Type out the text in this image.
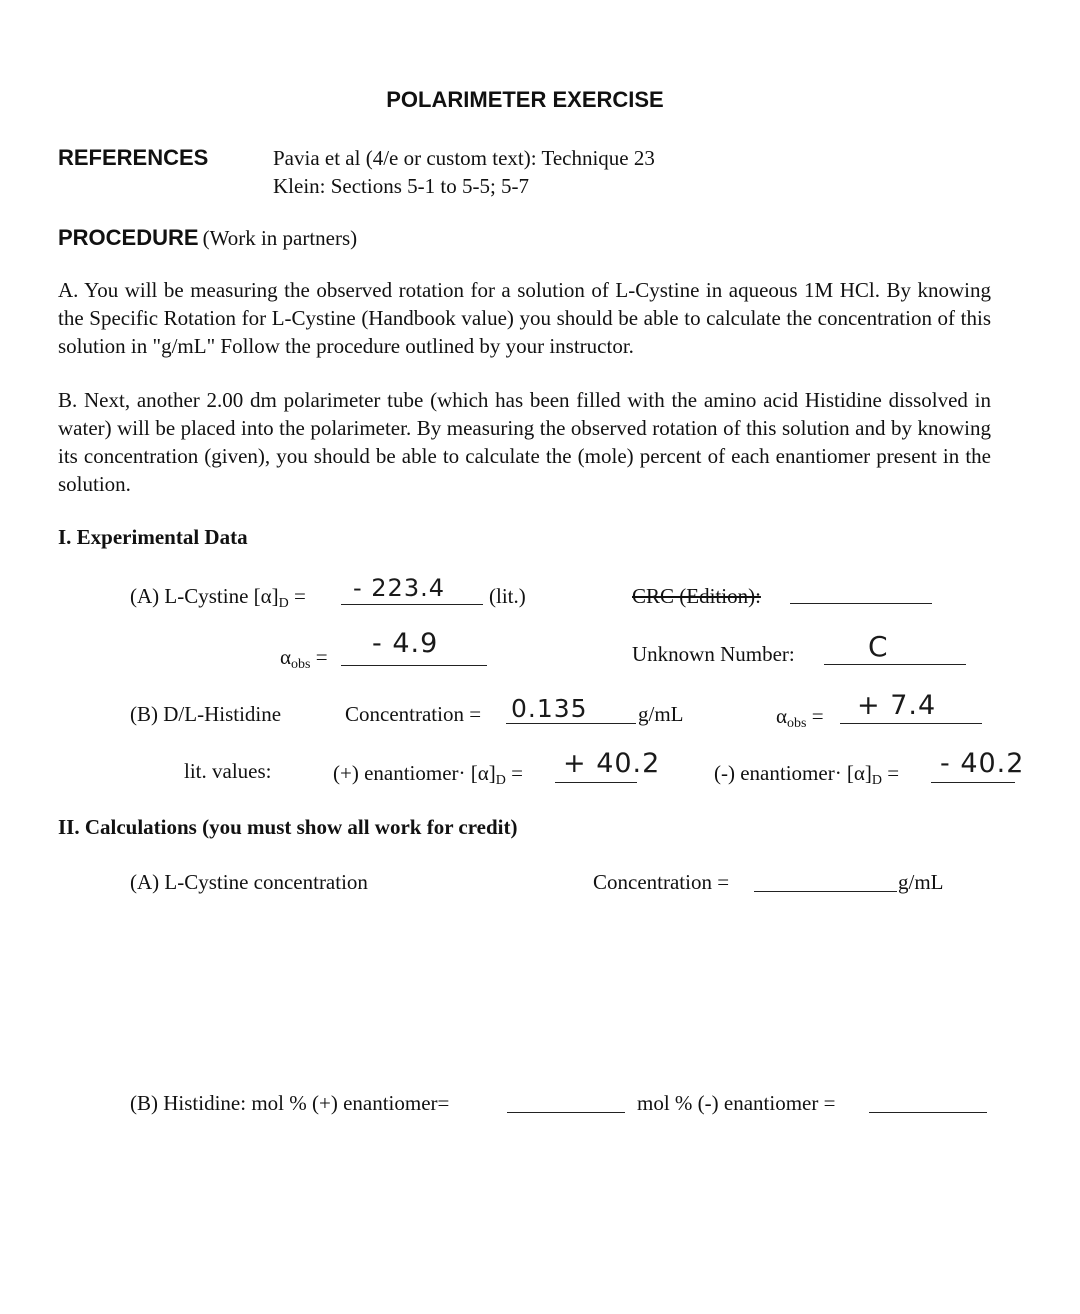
POLARIMETER EXERCISE
REFERENCES	Pavia et al (4/e or custom text): Technique 23
Klein: Sections 5-1 to 5-5; 5-7
PROCEDURE (Work in partners)
A. You will be measuring the observed rotation for a solution of L-Cystine in aqueous 1M HCl. By knowing the Specific Rotation for L-Cystine (Handbook value) you should be able to calculate the concentration of this solution in "g/mL" Follow the procedure outlined by your instructor.
B. Next, another 2.00 dm polarimeter tube (which has been filled with the amino acid Histidine dissolved in water) will be placed into the polarimeter. By measuring the observed rotation of this solution and by knowing its concentration (given), you should be able to calculate the (mole) percent of each enantiomer present in the solution.
I. Experimental Data
(A) L-Cystine [α]D = - 223.4 (lit.)	CRC (Edition):
αobs = - 4.9	Unknown Number:	C
(B) D/L-Histidine	Concentration = 0.135 g/mL	αobs = + 7.4
lit. values:	(+) enantiomer· [α]D = + 40.2	(-) enantiomer· [α]D = - 40.2
II. Calculations (you must show all work for credit)
(A) L-Cystine concentration	Concentration =	g/mL
(B) Histidine: mol % (+) enantiomer=	mol % (-) enantiomer =
